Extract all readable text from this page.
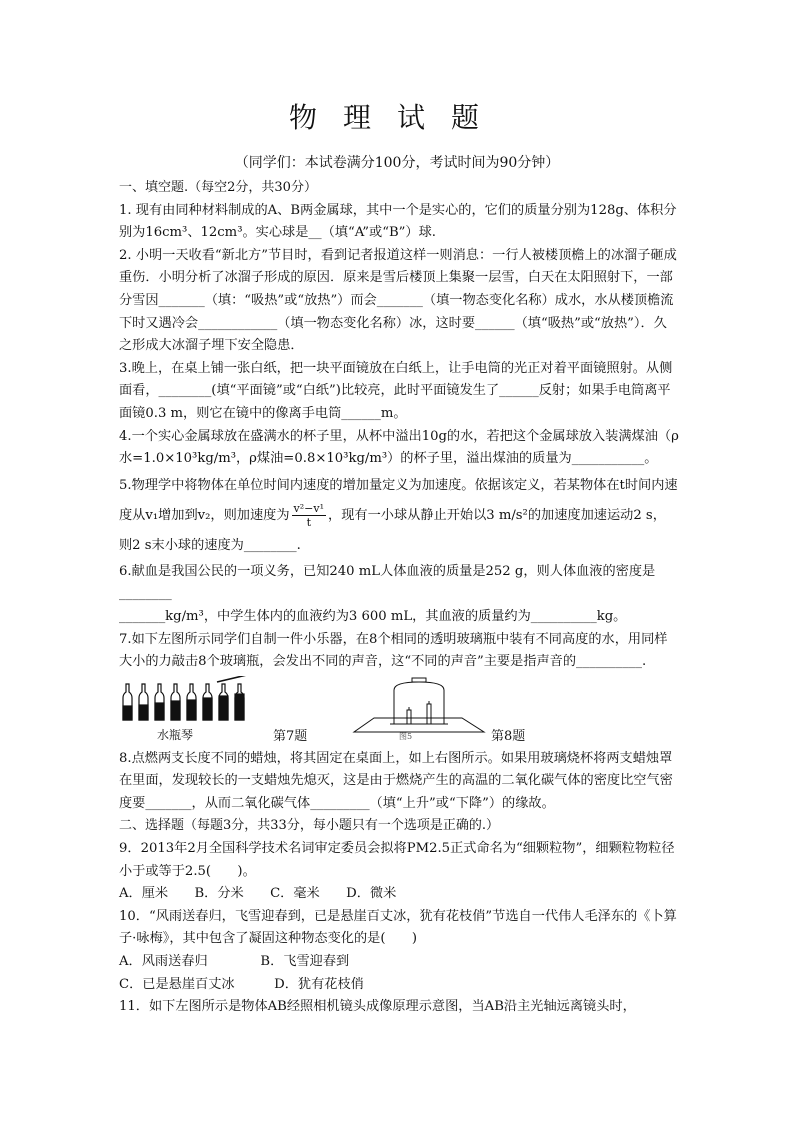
物理试题
（同学们：本试卷满分100分，考试时间为90分钟）

一、填空题.（每空2分，共30分）

1. 现有由同种材料制成的A、B两金属球，其中一个是实心的，它们的质量分别为128g、体积分别为16cm³、12cm³。实心球是__（填“A”或“B”）球.

2. 小明一天收看“新北方”节目时，看到记者报道这样一则消息：一行人被楼顶檐上的冰溜子砸成重伤．小明分析了冰溜子形成的原因．原来是雪后楼顶上集聚一层雪，白天在太阳照射下，一部分雪因_______（填：“吸热”或“放热”）而会_______（填一物态变化名称）成水，水从楼顶檐流下时又遇冷会____________（填一物态变化名称）冰，这时要______（填“吸热”或“放热”）．久之形成大冰溜子埋下安全隐患．

3.晚上，在桌上铺一张白纸，把一块平面镜放在白纸上，让手电筒的光正对着平面镜照射。从侧面看，________(填“平面镜”或“白纸”)比较亮，此时平面镜发生了______反射；如果手电筒离平面镜0.3 m，则它在镜中的像离手电筒______m。

4.一个实心金属球放在盛满水的杯子里，从杯中溢出10g的水，若把这个金属球放入装满煤油（ρ水=1.0×10³kg/m³，ρ煤油=0.8×10³kg/m³）的杯子里，溢出煤油的质量为___________。

5.物理学中将物体在单位时间内速度的增加量定义为加速度。依据该定义，若某物体在t时间内速度从v₁增加到v₂，则加速度为 $\frac{\text{v²−v¹}}{t}$ ，现有一小球从静止开始以3 m/s²的加速度加速运动2 s，则2 s末小球的速度为________.

6.献血是我国公民的一项义务，已知240 mL人体血液的质量是252 g，则人体血液的密度是________

_______kg/m³，中学生体内的血液约为3 600 mL，其血液的质量约为__________kg。

7.如下左图所示同学们自制一件小乐器，在8个相同的透明玻璃瓶中装有不同高度的水，用同样大小的力敲击8个玻璃瓶，会发出不同的声音，这“不同的声音”主要是指声音的__________.

水瓶琴	第7题	图5	第8题

8.点燃两支长度不同的蜡烛，将其固定在桌面上，如上右图所示。如果用玻璃烧杯将两支蜡烛罩在里面，发现较长的一支蜡烛先熄灭，这是由于燃烧产生的高温的二氧化碳气体的密度比空气密度要_______，从而二氧化碳气体_________（填“上升”或“下降”）的缘故。

二、选择题（每题3分，共33分，每小题只有一个选项是正确的.）

9．2013年2月全国科学技术名词审定委员会拟将PM2.5正式命名为“细颗粒物”，细颗粒物粒径小于或等于2.5(　　)。

A．厘米　　B．分米　　C．毫米　　D．微米

10．“风雨送春归，飞雪迎春到，已是悬崖百丈冰，犹有花枝俏”节选自一代伟人毛泽东的《卜算子·咏梅》，其中包含了凝固这种物态变化的是(　　)

A．风雨送春归　　　　B．飞雪迎春到

C．已是悬崖百丈冰　　　D．犹有花枝俏

11．如下左图所示是物体AB经照相机镜头成像原理示意图，当AB沿主光轴远离镜头时，
